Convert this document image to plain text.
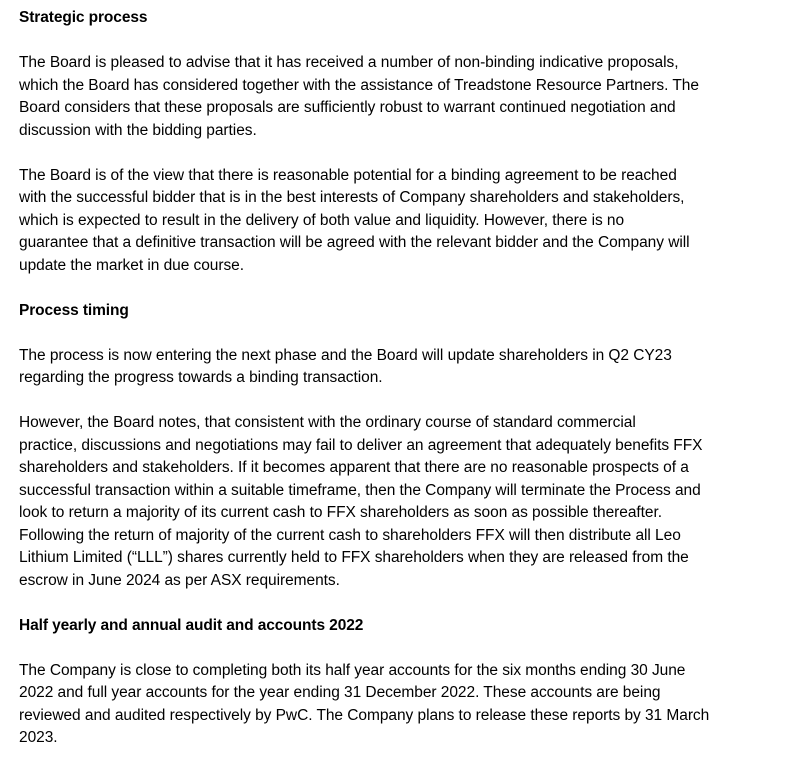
Strategic process

The Board is pleased to advise that it has received a number of non-binding indicative proposals,
which the Board has considered together with the assistance of Treadstone Resource Partners. The
Board considers that these proposals are sufficiently robust to warrant continued negotiation and
discussion with the bidding parties.

The Board is of the view that there is reasonable potential for a binding agreement to be reached
with the successful bidder that is in the best interests of Company shareholders and stakeholders,
which is expected to result in the delivery of both value and liquidity. However, there is no
guarantee that a definitive transaction will be agreed with the relevant bidder and the Company will
update the market in due course.

Process timing

The process is now entering the next phase and the Board will update shareholders in Q2 CY23
regarding the progress towards a binding transaction.

However, the Board notes, that consistent with the ordinary course of standard commercial
practice, discussions and negotiations may fail to deliver an agreement that adequately benefits FFX
shareholders and stakeholders. If it becomes apparent that there are no reasonable prospects of a
successful transaction within a suitable timeframe, then the Company will terminate the Process and
look to return a majority of its current cash to FFX shareholders as soon as possible thereafter.
Following the return of majority of the current cash to shareholders FFX will then distribute all Leo
Lithium Limited (“LLL”) shares currently held to FFX shareholders when they are released from the
escrow in June 2024 as per ASX requirements.

Half yearly and annual audit and accounts 2022

The Company is close to completing both its half year accounts for the six months ending 30 June
2022 and full year accounts for the year ending 31 December 2022. These accounts are being
reviewed and audited respectively by PwC. The Company plans to release these reports by 31 March
2023.
